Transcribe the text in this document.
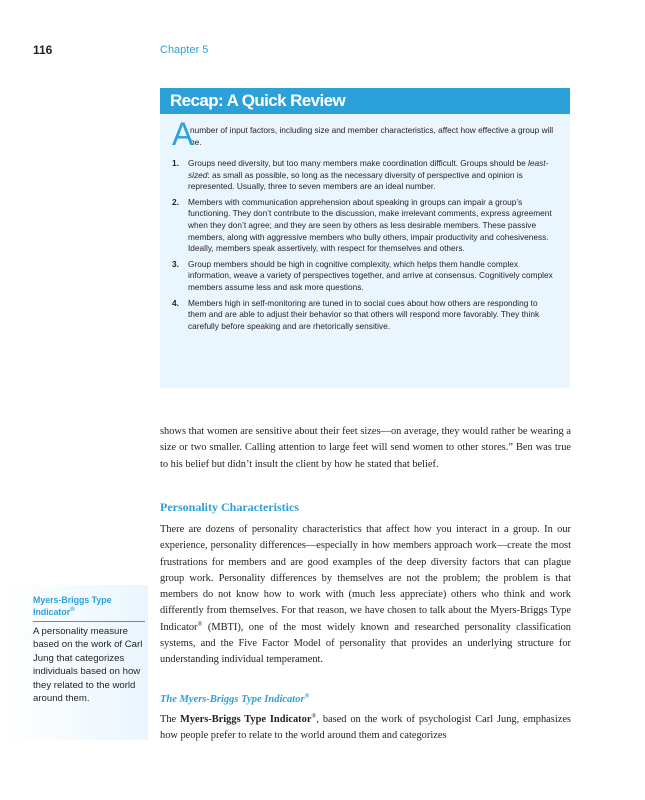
116	Chapter 5
Recap: A Quick Review
A
number of input factors, including size and member characteristics, affect how effective a group will be.
1.	Groups need diversity, but too many members make coordination difficult. Groups should be least-sized: as small as possible, so long as the necessary diversity of perspective and opinion is represented. Usually, three to seven members are an ideal number.
2.	Members with communication apprehension about speaking in groups can impair a group’s functioning. They don’t contribute to the discussion, make irrelevant comments, express agreement when they don’t agree; and they are seen by others as less desirable members. These passive members, along with aggressive members who bully others, impair productivity and cohesiveness. Ideally, members speak assertively, with respect for themselves and others.
3.	Group members should be high in cognitive complexity, which helps them handle complex information, weave a variety of perspectives together, and arrive at consensus. Cognitively complex members assume less and ask more questions.
4.	Members high in self-monitoring are tuned in to social cues about how others are responding to them and are able to adjust their behavior so that others will respond more favorably. They think carefully before speaking and are rhetorically sensitive.

shows that women are sensitive about their feet sizes—on average, they would rather be wearing a size or two smaller. Calling attention to large feet will send women to other stores.” Ben was true to his belief but didn’t insult the client by how he stated that belief.

Personality Characteristics

There are dozens of personality characteristics that affect how you interact in a group. In our experience, personality differences—especially in how members approach work—create the most frustrations for members and are good examples of the deep diversity factors that can plague group work. Personality differences by themselves are not the problem; the problem is that members do not know how to work with (much less appreciate) others who think and work differently from themselves. For that reason, we have chosen to talk about the Myers-Briggs Type Indicator® (MBTI), one of the most widely known and researched personality classification systems, and the Five Factor Model of personality that provides an underlying structure for understanding individual temperament.

The Myers-Briggs Type Indicator®

The Myers-Briggs Type Indicator®, based on the work of psychologist Carl Jung, emphasizes how people prefer to relate to the world around them and categorizes

Myers-Briggs Type Indicator®
A personality measure based on the work of Carl Jung that categorizes individuals based on how they related to the world around them.
